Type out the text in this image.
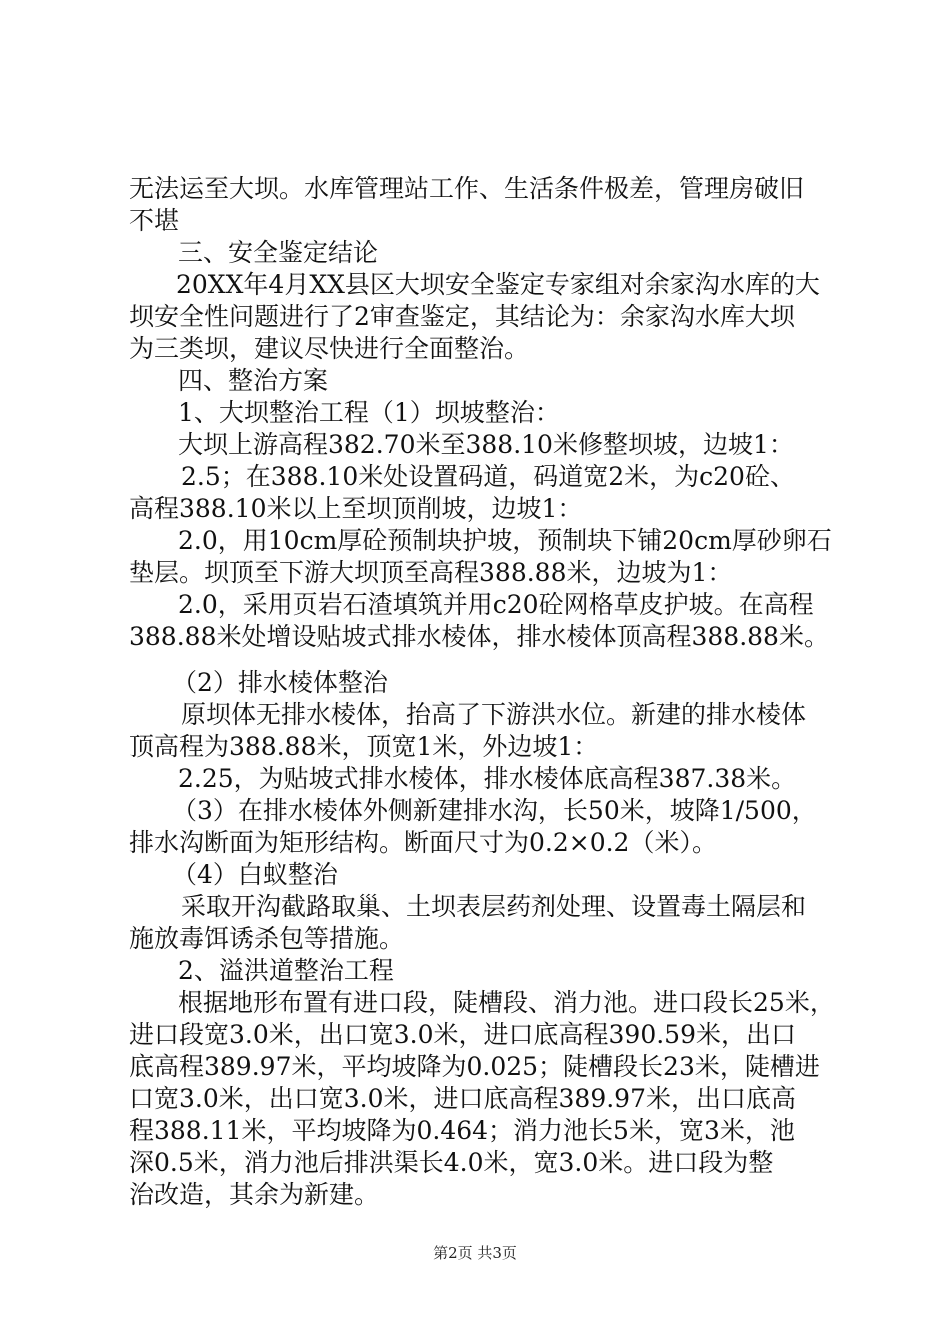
无法运至大坝。水库管理站工作、生活条件极差，管理房破旧

不堪

三、安全鉴定结论

20XX年4月XX县区大坝安全鉴定专家组对余家沟水库的大

坝安全性问题进行了2审查鉴定，其结论为：余家沟水库大坝

为三类坝，建议尽快进行全面整治。

四、整治方案

1、大坝整治工程（1）坝坡整治：

大坝上游高程382.70米至388.10米修整坝坡，边坡1：

2.5；在388.10米处设置码道，码道宽2米，为c20砼、

高程388.10米以上至坝顶削坡，边坡1：

2.0，用10cm厚砼预制块护坡，预制块下铺20cm厚砂卵石

垫层。坝顶至下游大坝顶至高程388.88米，边坡为1：

2.0，采用页岩石渣填筑并用c20砼网格草皮护坡。在高程

388.88米处增设贴坡式排水棱体，排水棱体顶高程388.88米。

（2）排水棱体整治

原坝体无排水棱体，抬高了下游洪水位。新建的排水棱体

顶高程为388.88米，顶宽1米，外边坡1：

2.25，为贴坡式排水棱体，排水棱体底高程387.38米。

（3）在排水棱体外侧新建排水沟，长50米，坡降1/500，

排水沟断面为矩形结构。断面尺寸为0.2×0.2（米）。

（4）白蚁整治

采取开沟截路取巢、土坝表层药剂处理、设置毒土隔层和

施放毒饵诱杀包等措施。

2、溢洪道整治工程

根据地形布置有进口段，陡槽段、消力池。进口段长25米，

进口段宽3.0米，出口宽3.0米，进口底高程390.59米，出口

底高程389.97米，平均坡降为0.025；陡槽段长23米，陡槽进

口宽3.0米，出口宽3.0米，进口底高程389.97米，出口底高

程388.11米，平均坡降为0.464；消力池长5米，宽3米，池

深0.5米，消力池后排洪渠长4.0米，宽3.0米。进口段为整

治改造，其余为新建。

第2页 共3页
